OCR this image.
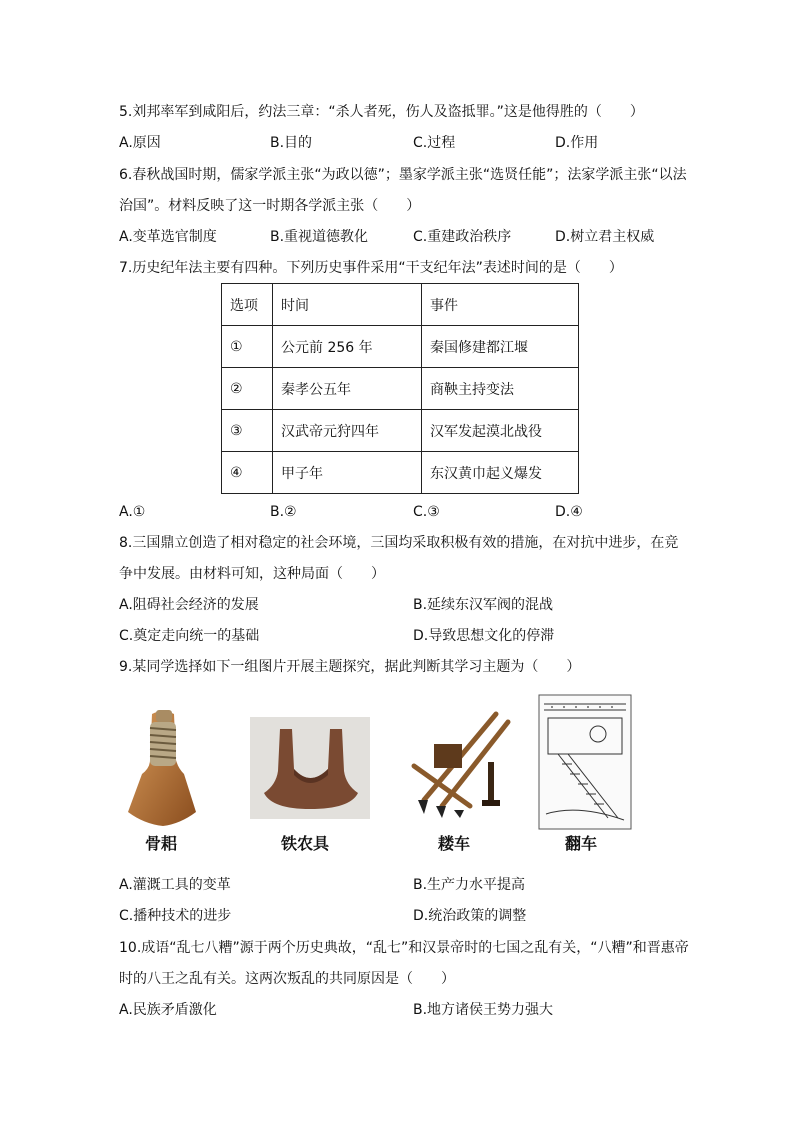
5.刘邦率军到咸阳后，约法三章：“杀人者死，伤人及盗抵罪。”这是他得胜的（　　）
A.原因	B.目的	C.过程	D.作用
6.春秋战国时期，儒家学派主张“为政以德”；墨家学派主张“选贤任能”；法家学派主张“以法
治国”。材料反映了这一时期各学派主张（　　）
A.变革选官制度	B.重视道德教化	C.重建政治秩序	D.树立君主权威
7.历史纪年法主要有四种。下列历史事件采用“干支纪年法”表述时间的是（　　）
选项	时间	事件
①	公元前 256 年	秦国修建都江堰
②	秦孝公五年	商鞅主持变法
③	汉武帝元狩四年	汉军发起漠北战役
④	甲子年	东汉黄巾起义爆发
A.①	B.②	C.③	D.④
8.三国鼎立创造了相对稳定的社会环境，三国均采取积极有效的措施，在对抗中进步，在竞
争中发展。由材料可知，这种局面（　　）
A.阻碍社会经济的发展	B.延续东汉军阀的混战
C.奠定走向统一的基础	D.导致思想文化的停滞
9.某同学选择如下一组图片开展主题探究，据此判断其学习主题为（　　）
骨耜	铁农具	耧车	翻车
A.灌溉工具的变革	B.生产力水平提高
C.播种技术的进步	D.统治政策的调整
10.成语“乱七八糟”源于两个历史典故，“乱七”和汉景帝时的七国之乱有关，“八糟”和晋惠帝
时的八王之乱有关。这两次叛乱的共同原因是（　　）
A.民族矛盾激化	B.地方诸侯王势力强大
